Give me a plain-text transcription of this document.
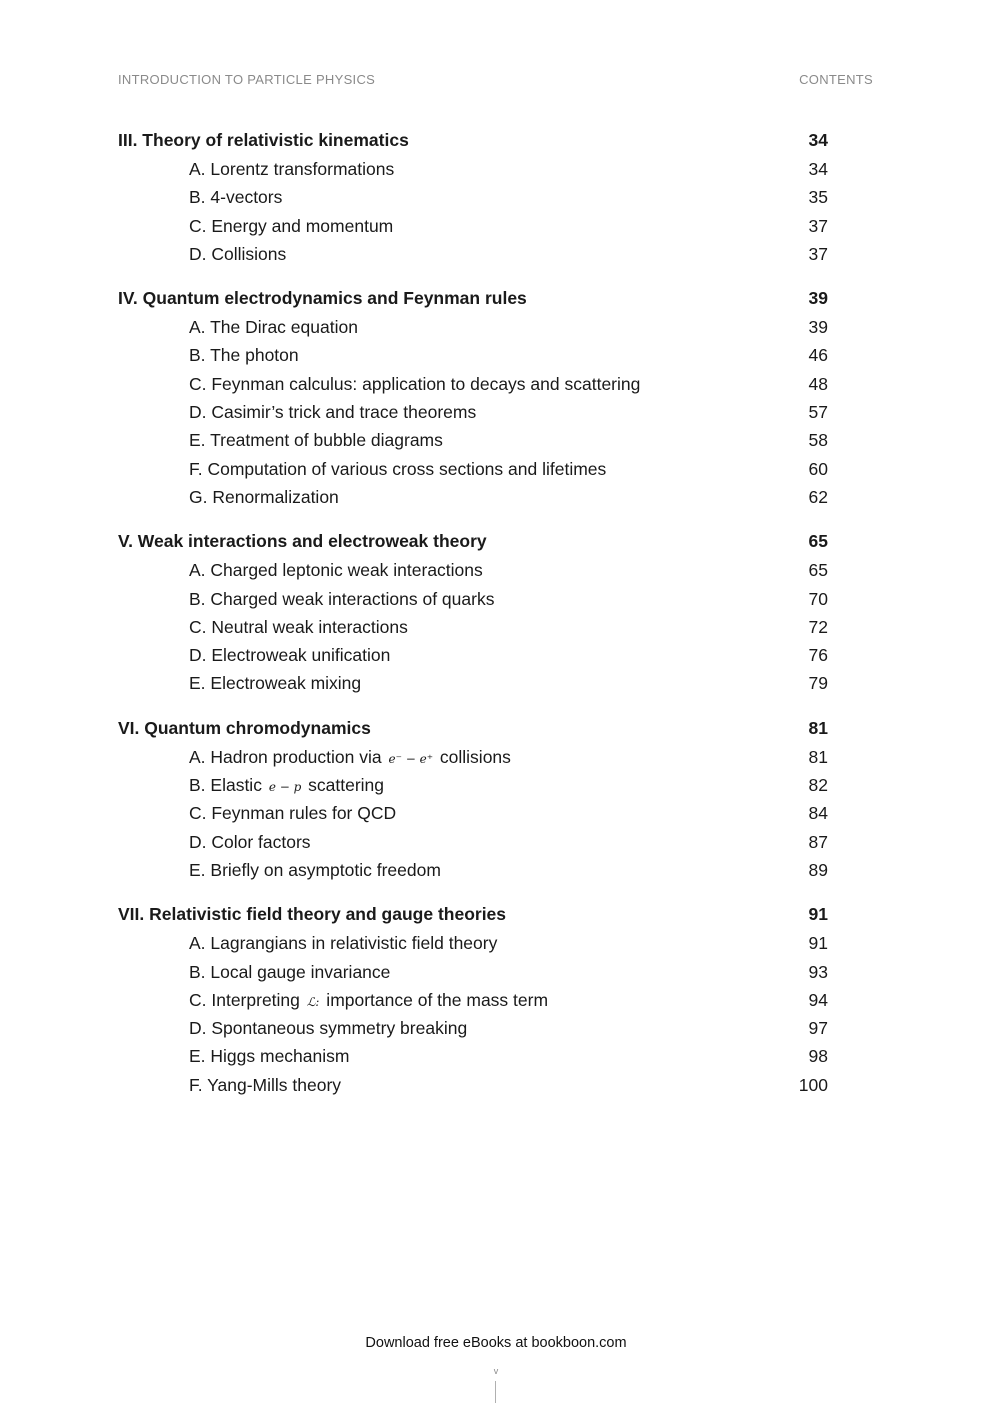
INTRODUCTION TO PARTICLE PHYSICS	CONTENTS
III. Theory of relativistic kinematics	34
A. Lorentz transformations	34
B. 4-vectors	35
C. Energy and momentum	37
D. Collisions	37
IV. Quantum electrodynamics and Feynman rules	39
A. The Dirac equation	39
B. The photon	46
C. Feynman calculus: application to decays and scattering	48
D. Casimir’s trick and trace theorems	57
E. Treatment of bubble diagrams	58
F. Computation of various cross sections and lifetimes	60
G. Renormalization	62
V. Weak interactions and electroweak theory	65
A. Charged leptonic weak interactions	65
B. Charged weak interactions of quarks	70
C. Neutral weak interactions	72
D. Electroweak unification	76
E. Electroweak mixing	79
VI. Quantum chromodynamics	81
A. Hadron production via e⁻ − e⁺ collisions	81
B. Elastic e − p scattering	82
C. Feynman rules for QCD	84
D. Color factors	87
E. Briefly on asymptotic freedom	89
VII. Relativistic field theory and gauge theories	91
A. Lagrangians in relativistic field theory	91
B. Local gauge invariance	93
C. Interpreting ℒ: importance of the mass term	94
D. Spontaneous symmetry breaking	97
E. Higgs mechanism	98
F. Yang-Mills theory	100
Download free eBooks at bookboon.com
v
